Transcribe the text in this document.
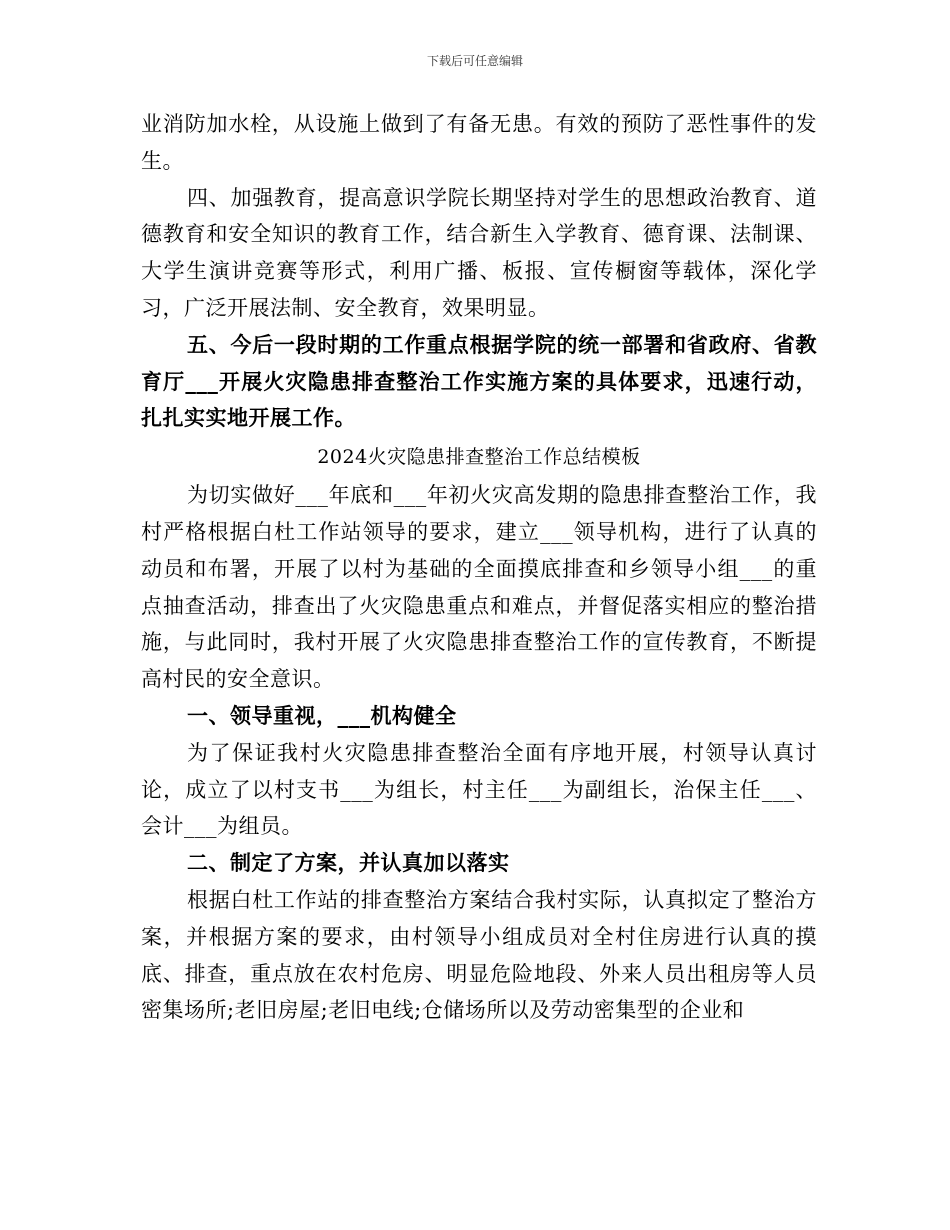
下载后可任意编辑

业消防加水栓，从设施上做到了有备无患。有效的预防了恶性事件的发生。

四、加强教育，提高意识学院长期坚持对学生的思想政治教育、道德教育和安全知识的教育工作，结合新生入学教育、德育课、法制课、大学生演讲竞赛等形式，利用广播、板报、宣传橱窗等载体，深化学习，广泛开展法制、安全教育，效果明显。

五、今后一段时期的工作重点根据学院的统一部署和省政府、省教育厅___开展火灾隐患排查整治工作实施方案的具体要求，迅速行动，扎扎实实地开展工作。

2024火灾隐患排查整治工作总结模板

为切实做好___年底和___年初火灾高发期的隐患排查整治工作，我村严格根据白杜工作站领导的要求，建立___领导机构，进行了认真的动员和布署，开展了以村为基础的全面摸底排查和乡领导小组___的重点抽查活动，排查出了火灾隐患重点和难点，并督促落实相应的整治措施，与此同时，我村开展了火灾隐患排查整治工作的宣传教育，不断提高村民的安全意识。

一、领导重视，___机构健全

为了保证我村火灾隐患排查整治全面有序地开展，村领导认真讨论，成立了以村支书___为组长，村主任___为副组长，治保主任___、会计___为组员。

二、制定了方案，并认真加以落实

根据白杜工作站的排查整治方案结合我村实际，认真拟定了整治方案，并根据方案的要求，由村领导小组成员对全村住房进行认真的摸底、排查，重点放在农村危房、明显危险地段、外来人员出租房等人员密集场所;老旧房屋;老旧电线;仓储场所以及劳动密集型的企业和
